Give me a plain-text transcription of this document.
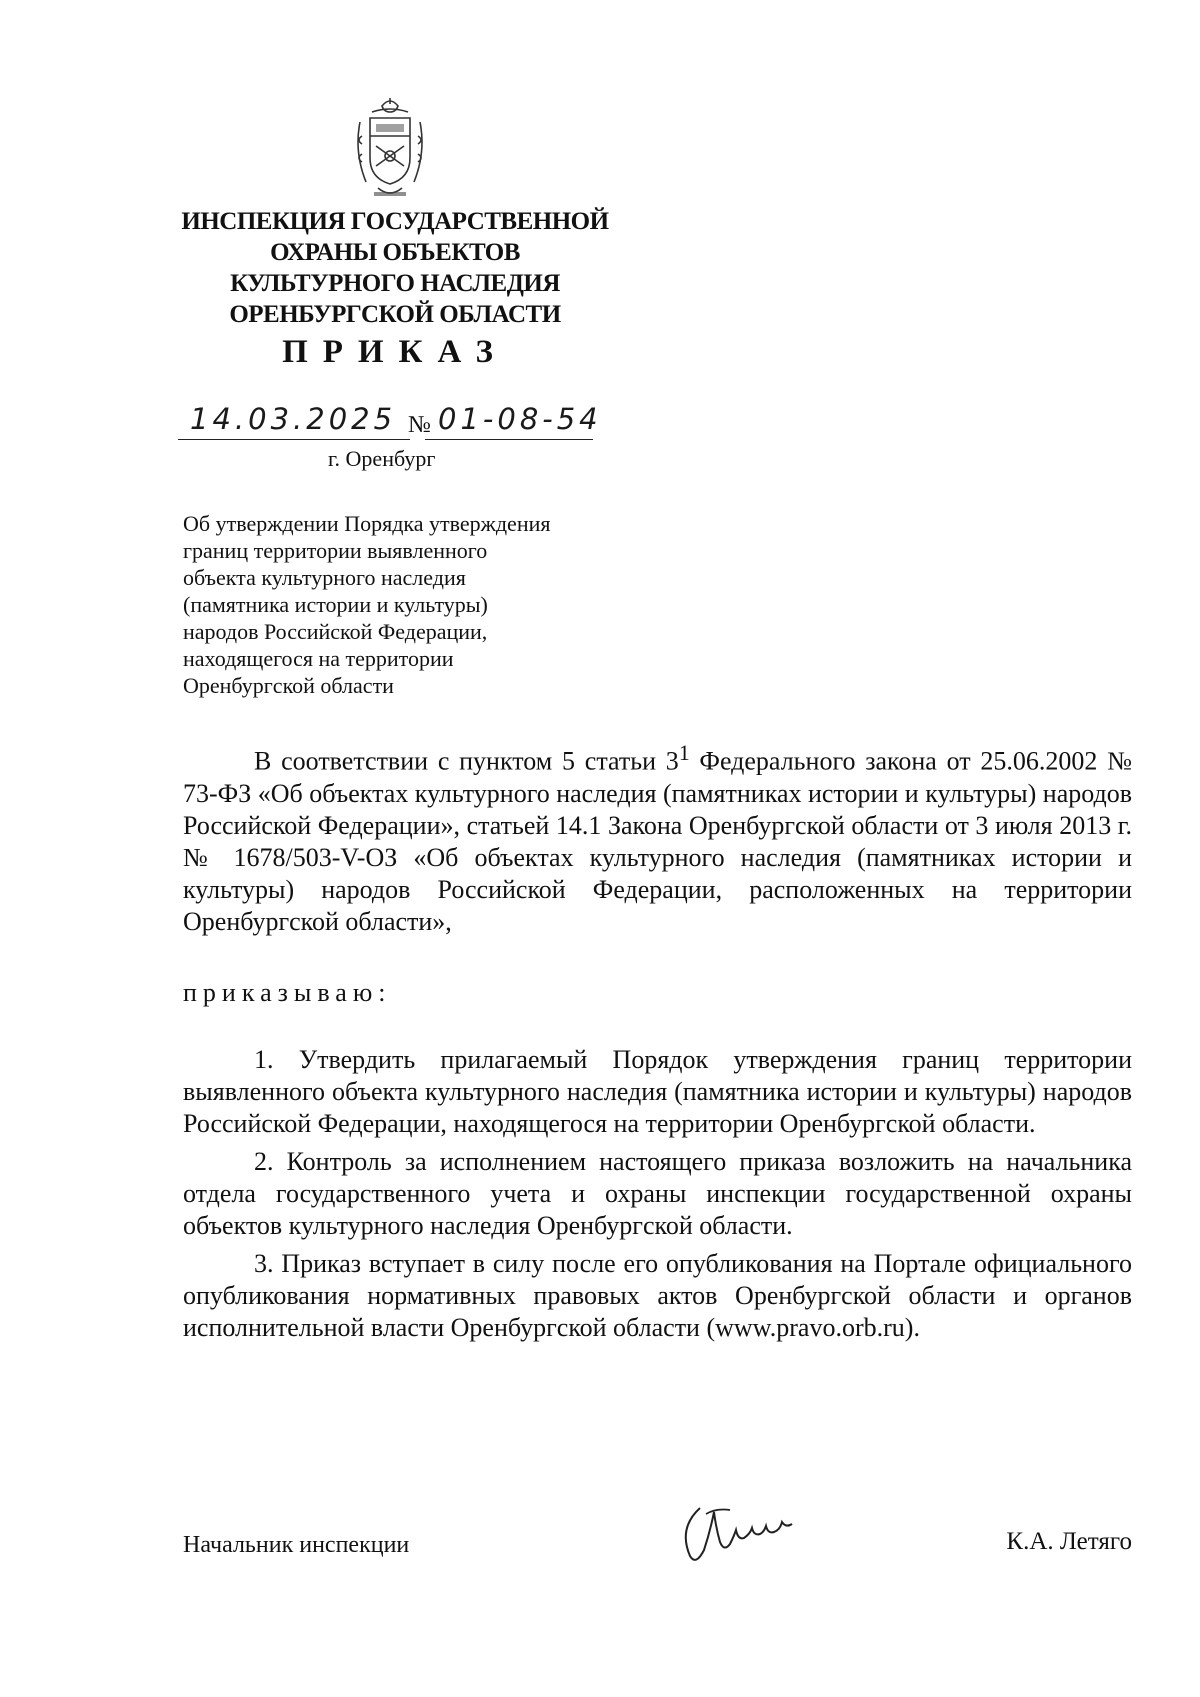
ИНСПЕКЦИЯ ГОСУДАРСТВЕННОЙ
ОХРАНЫ ОБЪЕКТОВ
КУЛЬТУРНОГО НАСЛЕДИЯ
ОРЕНБУРГСКОЙ ОБЛАСТИ
ПРИКАЗ
14.03.2025 № 01-08-54
г. Оренбург
Об утверждении Порядка утверждения
границ территории выявленного
объекта культурного наследия
(памятника истории и культуры)
народов Российской Федерации,
находящегося на территории
Оренбургской области
В соответствии с пунктом 5 статьи $3^1$ Федерального закона от 25.06.2002 № 73-ФЗ «Об объектах культурного наследия (памятниках истории и культуры) народов Российской Федерации», статьей 14.1 Закона Оренбургской области от 3 июля 2013 г. № 1678/503-V-ОЗ «Об объектах культурного наследия (памятниках истории и культуры) народов Российской Федерации, расположенных на территории Оренбургской области»,
приказываю:
1. Утвердить прилагаемый Порядок утверждения границ территории выявленного объекта культурного наследия (памятника истории и культуры) народов Российской Федерации, находящегося на территории Оренбургской области.
2. Контроль за исполнением настоящего приказа возложить на начальника отдела государственного учета и охраны инспекции государственной охраны объектов культурного наследия Оренбургской области.
3. Приказ вступает в силу после его опубликования на Портале официального опубликования нормативных правовых актов Оренбургской области и органов исполнительной власти Оренбургской области (www.pravo.orb.ru).
Начальник инспекции	К.А. Летяго
